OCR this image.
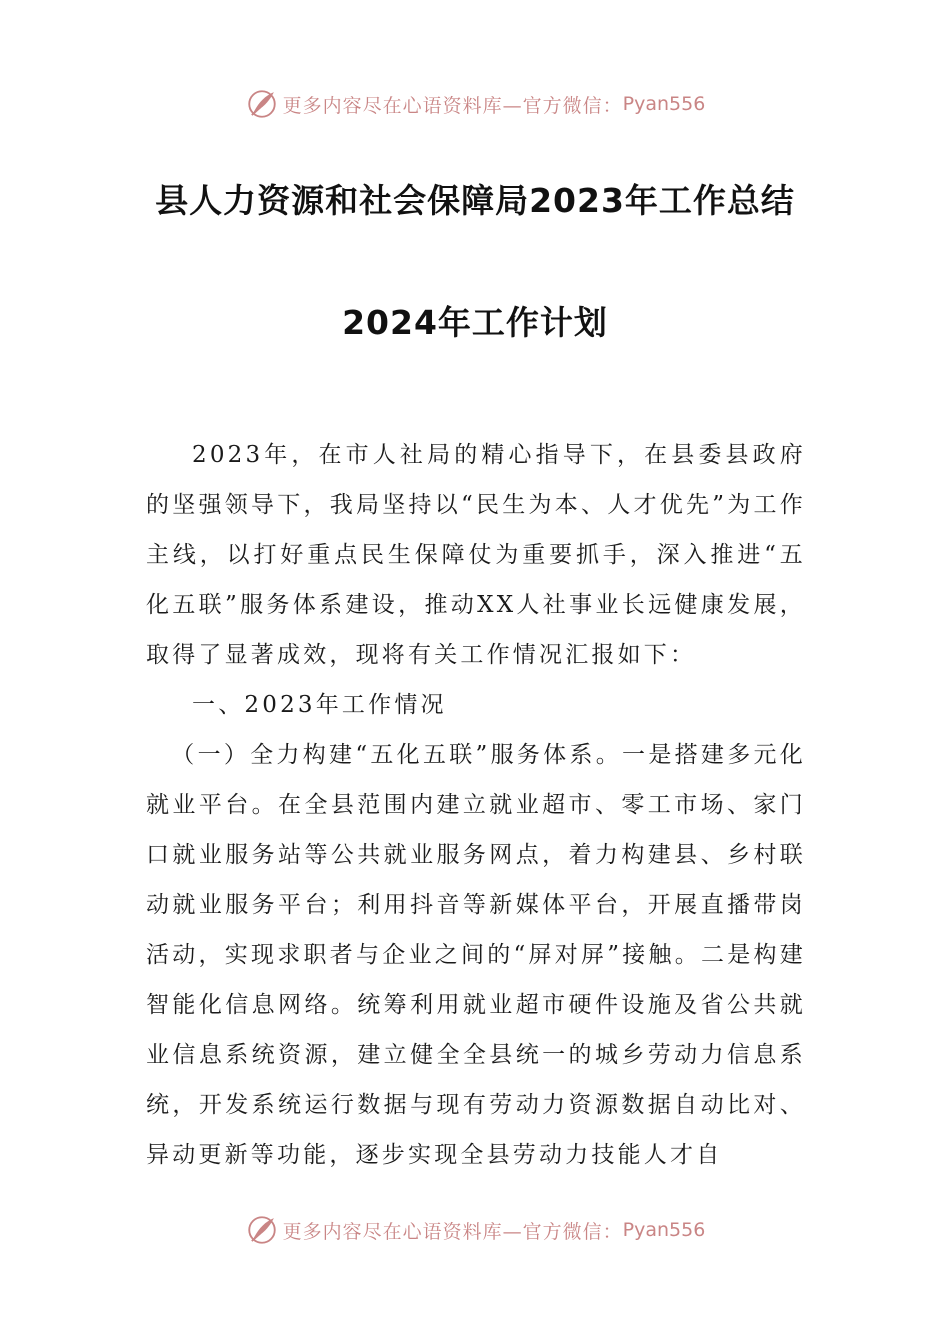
更多内容尽在心语资料库—官方微信： Pyan556
县人力资源和社会保障局2023年工作总结
2024年工作计划

2023年，在市人社局的精心指导下，在县委县政府的坚强领导下，我局坚持以“民生为本、人才优先”为工作主线，以打好重点民生保障仗为重要抓手，深入推进“五化五联”服务体系建设，推动XX人社事业长远健康发展，取得了显著成效，现将有关工作情况汇报如下：

一、2023年工作情况

（一）全力构建“五化五联”服务体系。一是搭建多元化就业平台。在全县范围内建立就业超市、零工市场、家门口就业服务站等公共就业服务网点，着力构建县、乡村联动就业服务平台；利用抖音等新媒体平台，开展直播带岗活动，实现求职者与企业之间的“屏对屏”接触。二是构建智能化信息网络。统筹利用就业超市硬件设施及省公共就业信息系统资源，建立健全全县统一的城乡劳动力信息系统，开发系统运行数据与现有劳动力资源数据自动比对、异动更新等功能，逐步实现全县劳动力技能人才自

更多内容尽在心语资料库—官方微信： Pyan556
